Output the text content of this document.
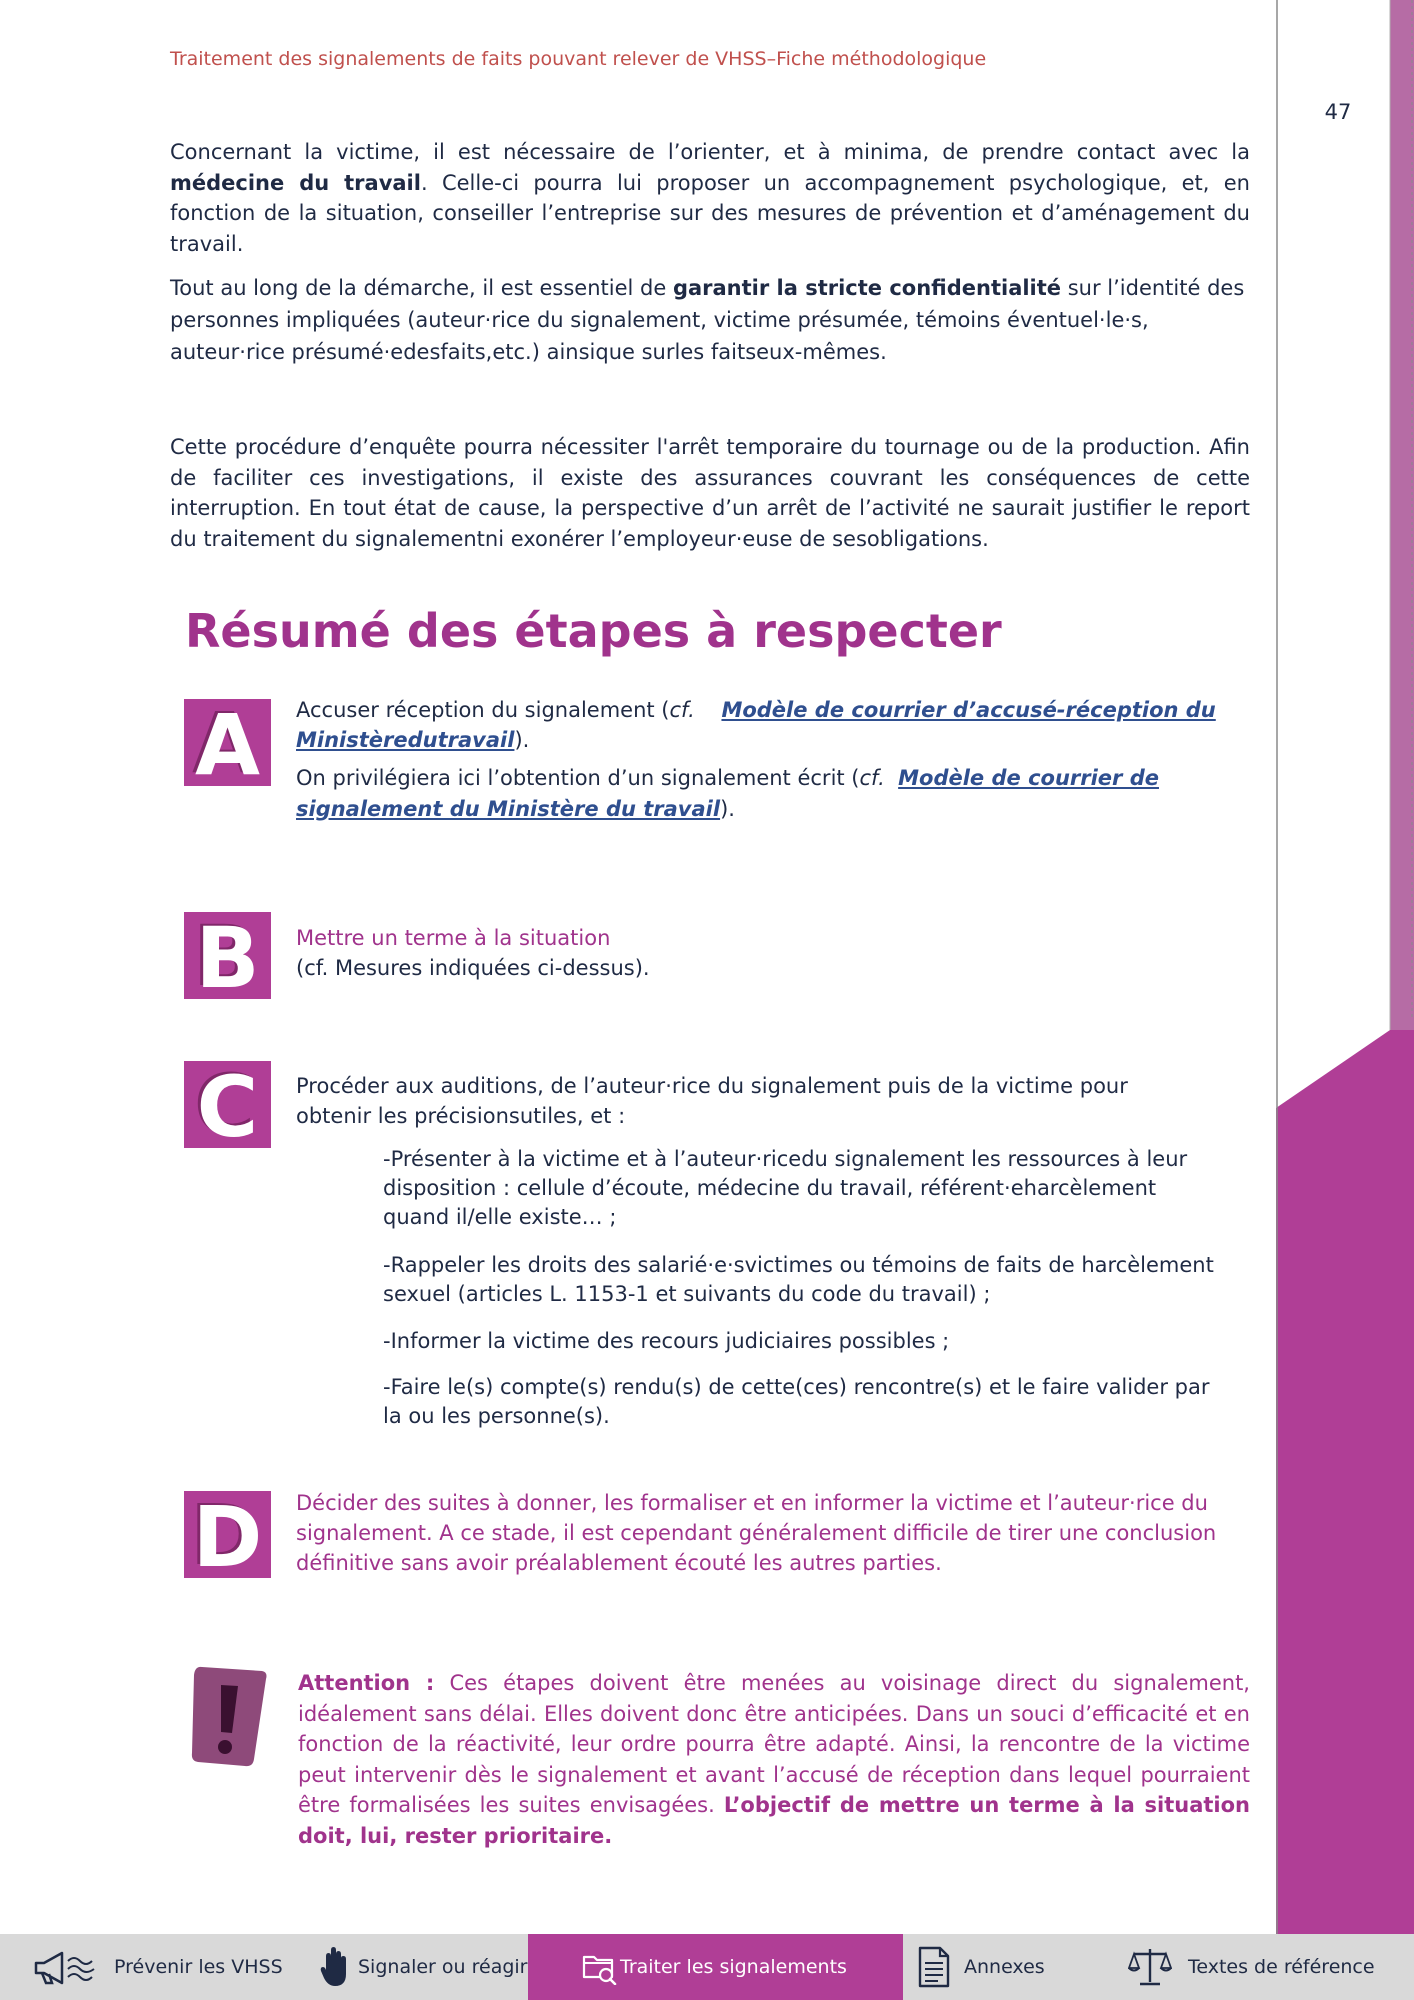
Traitement des signalements de faits pouvant relever de VHSS–Fiche méthodologique

Concernant la victime, il est nécessaire de l’orienter, et à minima, de prendre contact avec la médecine du travail. Celle-ci pourra lui proposer un accompagnement psychologique, et, en fonction de la situation, conseiller l’entreprise sur des mesures de prévention et d’aménagement du travail.

Tout au long de la démarche, il est essentiel de garantir la stricte confidentialité sur l’identité des personnes impliquées (auteur·rice du signalement, victime présumée, témoins éventuel·le·s, auteur·rice présumé·edesfaits,etc.) ainsique surles faitseux-mêmes.

Cette procédure d’enquête pourra nécessiter l'arrêt temporaire du tournage ou de la production. Afin de faciliter ces investigations, il existe des assurances couvrant les conséquences de cette interruption. En tout état de cause, la perspective d’un arrêt de l’activité ne saurait justifier le report du traitement du signalementni exonérer l’employeur·euse de sesobligations.

Résumé des étapes à respecter
A	Accuser réception du signalement (cf. Modèle de courrier d’accusé-réception du Ministèredutravail).
On privilégiera ici l’obtention d’un signalement écrit (cf. Modèle de courrier de signalement du Ministère du travail).
B	Mettre un terme à la situation
(cf. Mesures indiquées ci-dessus).
C	Procéder aux auditions, de l’auteur·rice du signalement puis de la victime pour obtenir les précisionsutiles, et :
-Présenter à la victime et à l’auteur·ricedu signalement les ressources à leur disposition : cellule d’écoute, médecine du travail, référent·eharcèlement quand il/elle existe… ;
-Rappeler les droits des salarié·e·svictimes ou témoins de faits de harcèlement sexuel (articles L. 1153-1 et suivants du code du travail) ;
-Informer la victime des recours judiciaires possibles ;
-Faire le(s) compte(s) rendu(s) de cette(ces) rencontre(s) et le faire valider par la ou les personne(s).
D	Décider des suites à donner, les formaliser et en informer la victime et l’auteur·rice du signalement. A ce stade, il est cependant généralement difficile de tirer une conclusion définitive sans avoir préalablement écouté les autres parties.

Attention : Ces étapes doivent être menées au voisinage direct du signalement, idéalement sans délai. Elles doivent donc être anticipées. Dans un souci d’efficacité et en fonction de la réactivité, leur ordre pourra être adapté. Ainsi, la rencontre de la victime peut intervenir dès le signalement et avant l’accusé de réception dans lequel pourraient être formalisées les suites envisagées. L’objectif de mettre un terme à la situation doit, lui, rester prioritaire.

47
Prévenir les VHSS	Signaler ou réagir	Traiter les signalements	Annexes	Textes de référence
